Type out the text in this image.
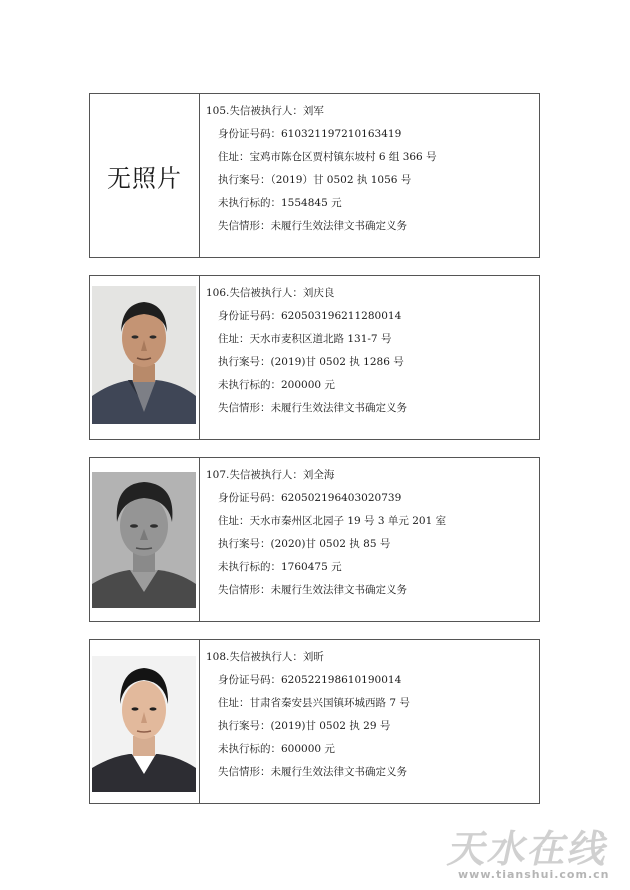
无照片
105.失信被执行人：刘军
身份证号码：610321197210163419
住址：宝鸡市陈仓区贾村镇东坡村 6 组 366 号
执行案号：（2019）甘 0502 执 1056 号
未执行标的：1554845 元
失信情形：未履行生效法律文书确定义务
106.失信被执行人：刘庆良
身份证号码：620503196211280014
住址：天水市麦积区道北路 131-7 号
执行案号：(2019)甘 0502 执 1286 号
未执行标的：200000 元
失信情形：未履行生效法律文书确定义务
107.失信被执行人：刘全海
身份证号码：620502196403020739
住址：天水市秦州区北园子 19 号 3 单元 201 室
执行案号：(2020)甘 0502 执 85 号
未执行标的：1760475 元
失信情形：未履行生效法律文书确定义务
108.失信被执行人：刘昕
身份证号码：620522198610190014
住址：甘肃省秦安县兴国镇环城西路 7 号
执行案号：(2019)甘 0502 执 29 号
未执行标的：600000 元
失信情形：未履行生效法律文书确定义务
天水在线
www.tianshui.com.cn
